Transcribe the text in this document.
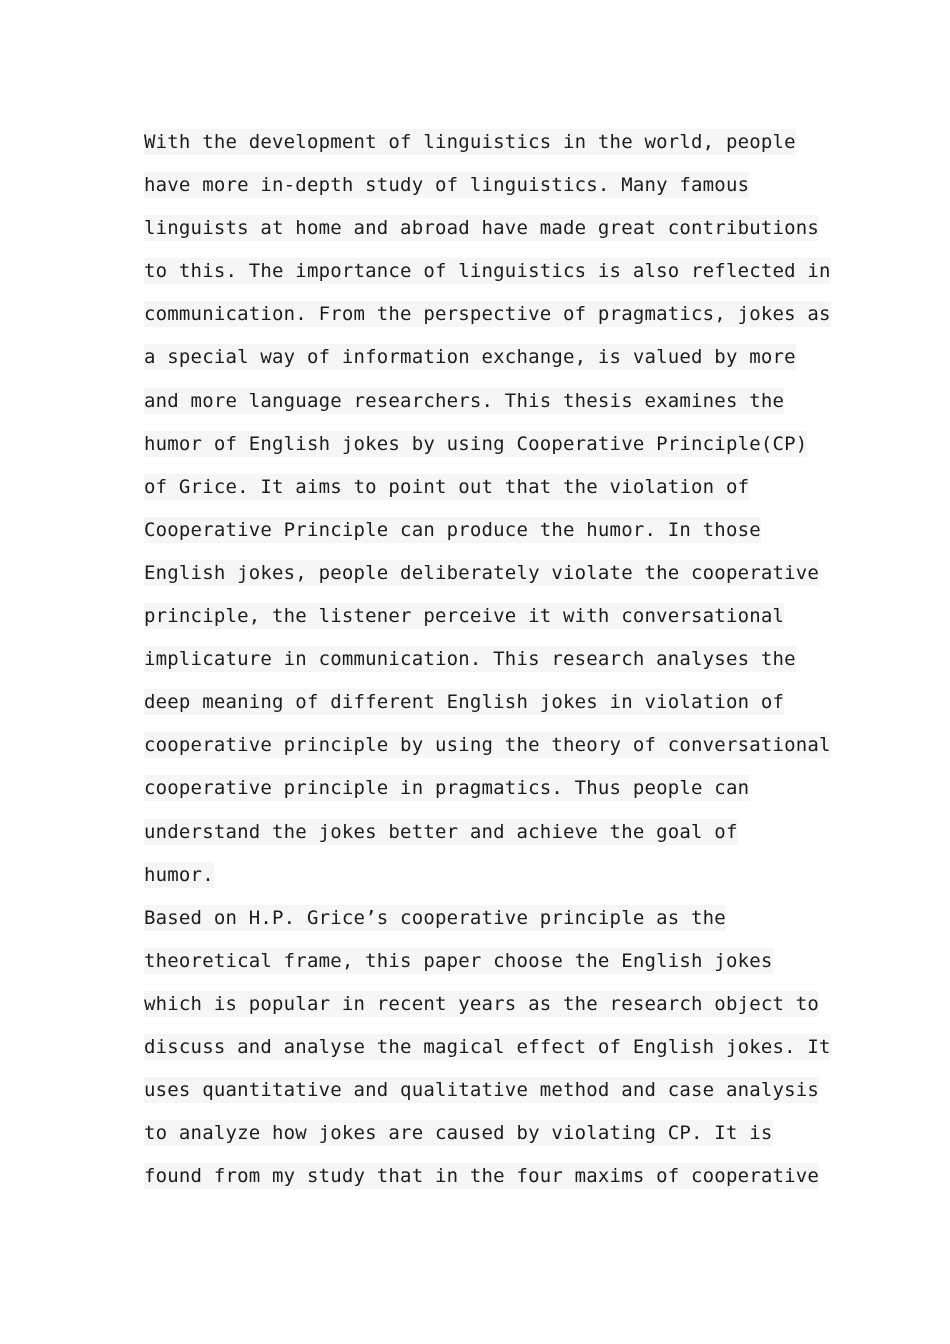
With the development of linguistics in the world, people
have more in-depth study of linguistics. Many famous
linguists at home and abroad have made great contributions
to this. The importance of linguistics is also reflected in
communication. From the perspective of pragmatics, jokes as
a special way of information exchange, is valued by more
and more language researchers. This thesis examines the
humor of English jokes by using Cooperative Principle(CP)
of Grice. It aims to point out that the violation of
Cooperative Principle can produce the humor. In those
English jokes, people deliberately violate the cooperative
principle, the listener perceive it with conversational
implicature in communication. This research analyses the
deep meaning of different English jokes in violation of
cooperative principle by using the theory of conversational
cooperative principle in pragmatics. Thus people can
understand the jokes better and achieve the goal of
humor.
Based on H.P. Grice’s cooperative principle as the
theoretical frame, this paper choose the English jokes
which is popular in recent years as the research object to
discuss and analyse the magical effect of English jokes. It
uses quantitative and qualitative method and case analysis
to analyze how jokes are caused by violating CP. It is
found from my study that in the four maxims of cooperative
